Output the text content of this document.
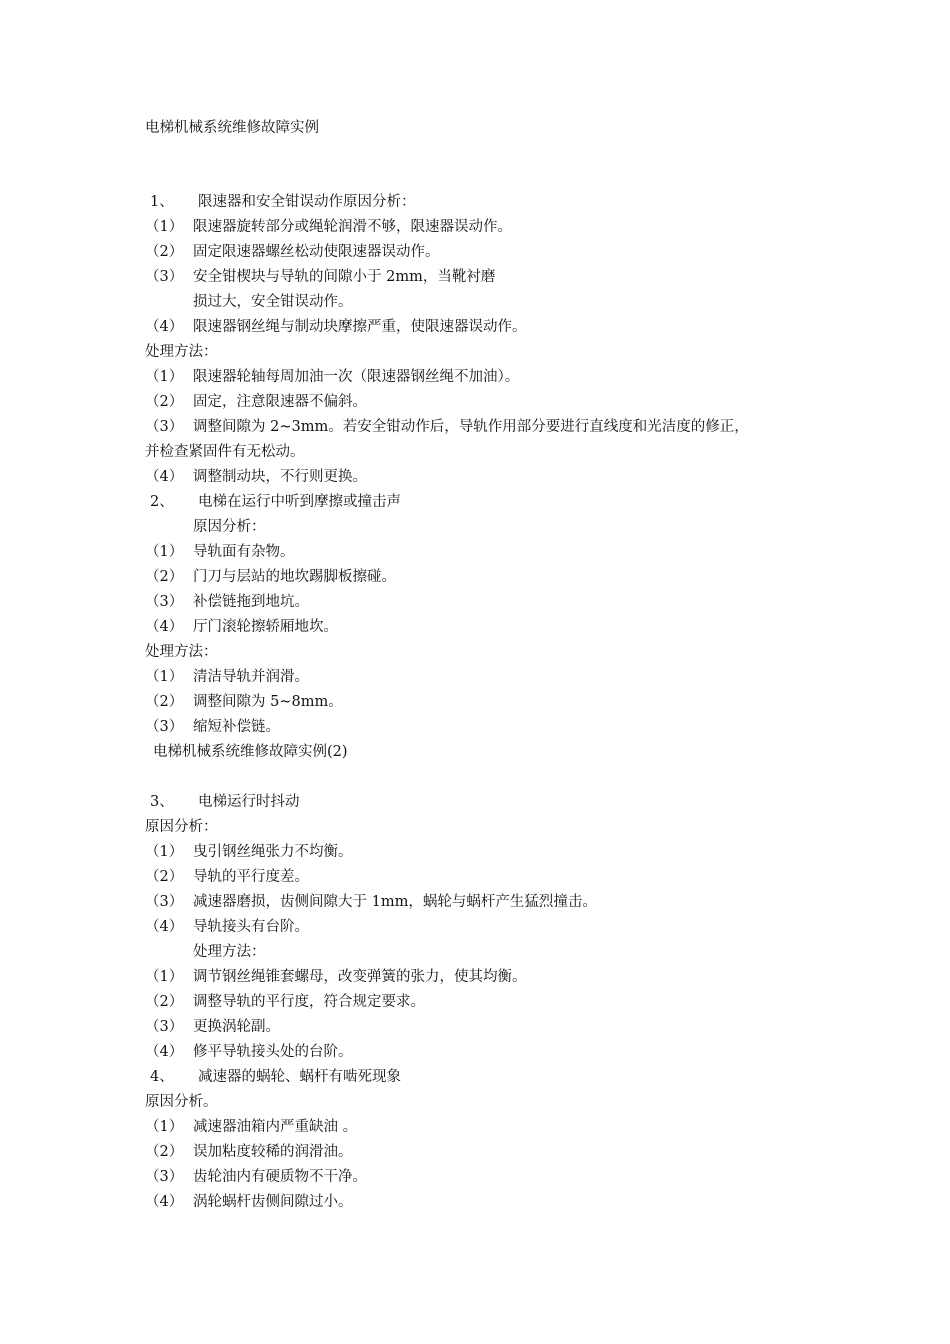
电梯机械系统维修故障实例
1、 限速器和安全钳误动作原因分析：
（1） 限速器旋转部分或绳轮润滑不够，限速器误动作。
（2） 固定限速器螺丝松动使限速器误动作。
（3） 安全钳楔块与导轨的间隙小于 2mm，当靴衬磨
损过大，安全钳误动作。
（4） 限速器钢丝绳与制动块摩擦严重，使限速器误动作。
处理方法：
（1） 限速器轮轴每周加油一次（限速器钢丝绳不加油）。
（2） 固定，注意限速器不偏斜。
（3） 调整间隙为 2~3mm。若安全钳动作后，导轨作用部分要进行直线度和光洁度的修正，
并检查紧固件有无松动。
（4） 调整制动块，不行则更换。
2、 电梯在运行中听到摩擦或撞击声
原因分析：
（1） 导轨面有杂物。
（2） 门刀与层站的地坎踢脚板擦碰。
（3） 补偿链拖到地坑。
（4） 厅门滚轮擦轿厢地坎。
处理方法：
（1） 清洁导轨并润滑。
（2） 调整间隙为 5~8mm。
（3） 缩短补偿链。
电梯机械系统维修故障实例(2)
3、 电梯运行时抖动
原因分析：
（1） 曳引钢丝绳张力不均衡。
（2） 导轨的平行度差。
（3） 减速器磨损，齿侧间隙大于 1mm，蜗轮与蜗杆产生猛烈撞击。
（4） 导轨接头有台阶。
处理方法：
（1） 调节钢丝绳锥套螺母，改变弹簧的张力，使其均衡。
（2） 调整导轨的平行度，符合规定要求。
（3） 更换涡轮副。
（4） 修平导轨接头处的台阶。
4、 减速器的蜗轮、蜗杆有啮死现象
原因分析。
（1） 减速器油箱内严重缺油 。
（2） 误加粘度较稀的润滑油。
（3） 齿轮油内有硬质物不干净。
（4） 涡轮蜗杆齿侧间隙过小。
